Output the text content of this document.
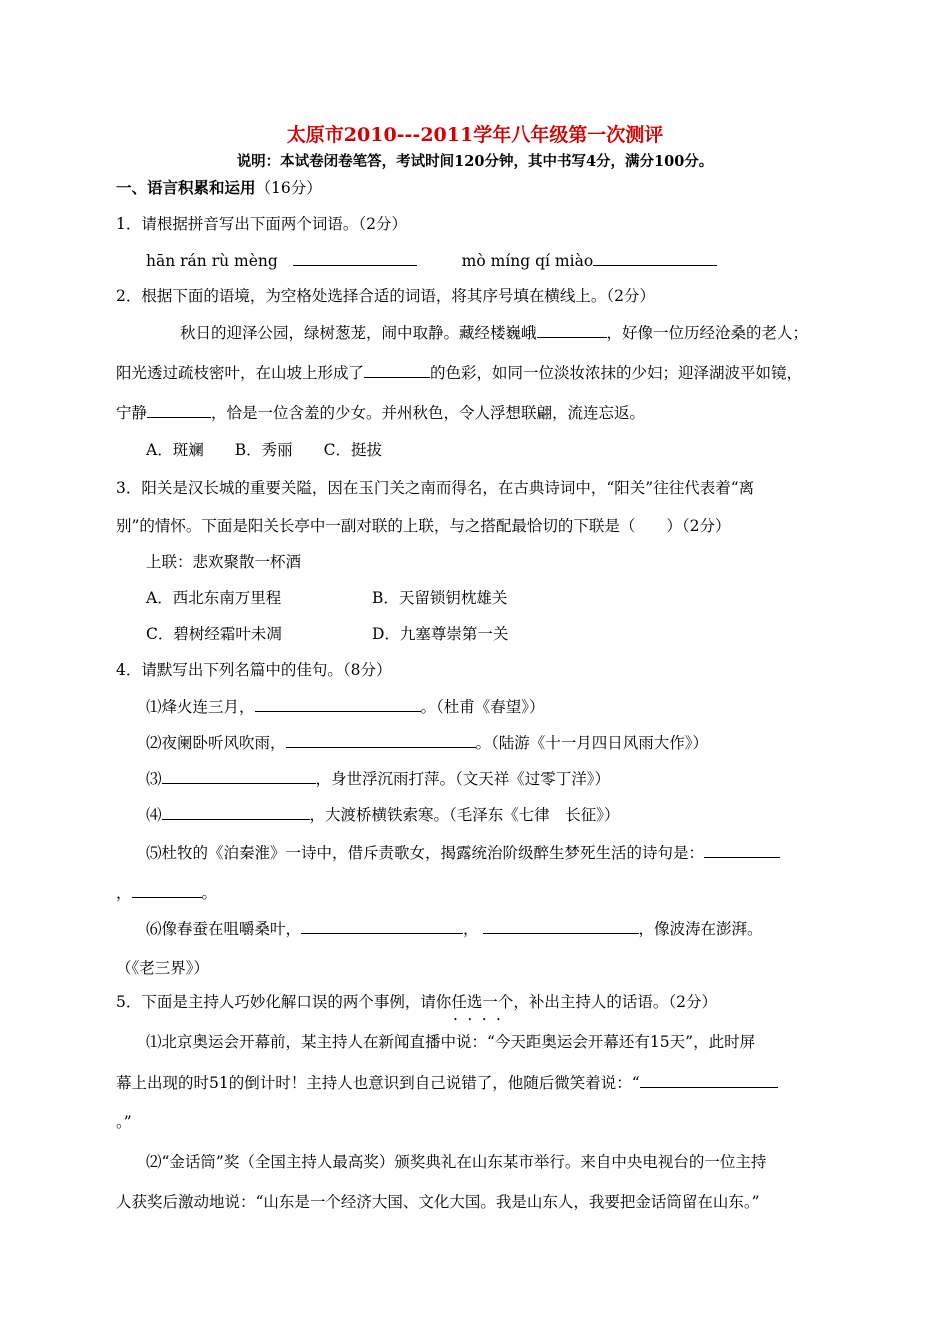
太原市2010---2011学年八年级第一次测评
说明：本试卷闭卷笔答，考试时间120分钟，其中书写4分，满分100分。
一、语言积累和运用（16分）
1．请根据拼音写出下面两个词语。（2分）
hān rán rù mèng	mò míng qí miào
2．根据下面的语境，为空格处选择合适的词语，将其序号填在横线上。（2分）
秋日的迎泽公园，绿树葱茏，闹中取静。藏经楼巍峨	，好像一位历经沧桑的老人；
阳光透过疏枝密叶，在山坡上形成了	的色彩，如同一位淡妆浓抹的少妇；迎泽湖波平如镜，
宁静	，恰是一位含羞的少女。并州秋色，令人浮想联翩，流连忘返。
A．斑斓　　B．秀丽　　C．挺拔
3．阳关是汉长城的重要关隘，因在玉门关之南而得名，在古典诗词中，“阳关”往往代表着“离
别”的情怀。下面是阳关长亭中一副对联的上联，与之搭配最恰切的下联是（　　）（2分）
上联：悲欢聚散一杯酒
A．西北东南万里程	B．天留锁钥枕雄关
C．碧树经霜叶未凋	D．九塞尊崇第一关
4．请默写出下列名篇中的佳句。（8分）
⑴烽火连三月，	。（杜甫《春望》）
⑵夜阑卧听风吹雨，	。（陆游《十一月四日风雨大作》）
⑶	，身世浮沉雨打萍。（文天祥《过零丁洋》）
⑷	，大渡桥横铁索寒。（毛泽东《七律　长征》）
⑸杜牧的《泊秦淮》一诗中，借斥责歌女，揭露统治阶级醉生梦死生活的诗句是：
，	。
⑹像春蚕在咀嚼桑叶，	，	，像波涛在澎湃。
（《老三界》）
5．下面是主持人巧妙化解口误的两个事例，请你任选一个 • • • •，补出主持人的话语。（2分）
⑴北京奥运会开幕前，某主持人在新闻直播中说：“今天距奥运会开幕还有15天”，此时屏
幕上出现的时51的倒计时！主持人也意识到自己说错了，他随后微笑着说：“
。”
⑵“金话筒”奖（全国主持人最高奖）颁奖典礼在山东某市举行。来自中央电视台的一位主持
人获奖后激动地说：“山东是一个经济大国、文化大国。我是山东人，我要把金话筒留在山东。”
